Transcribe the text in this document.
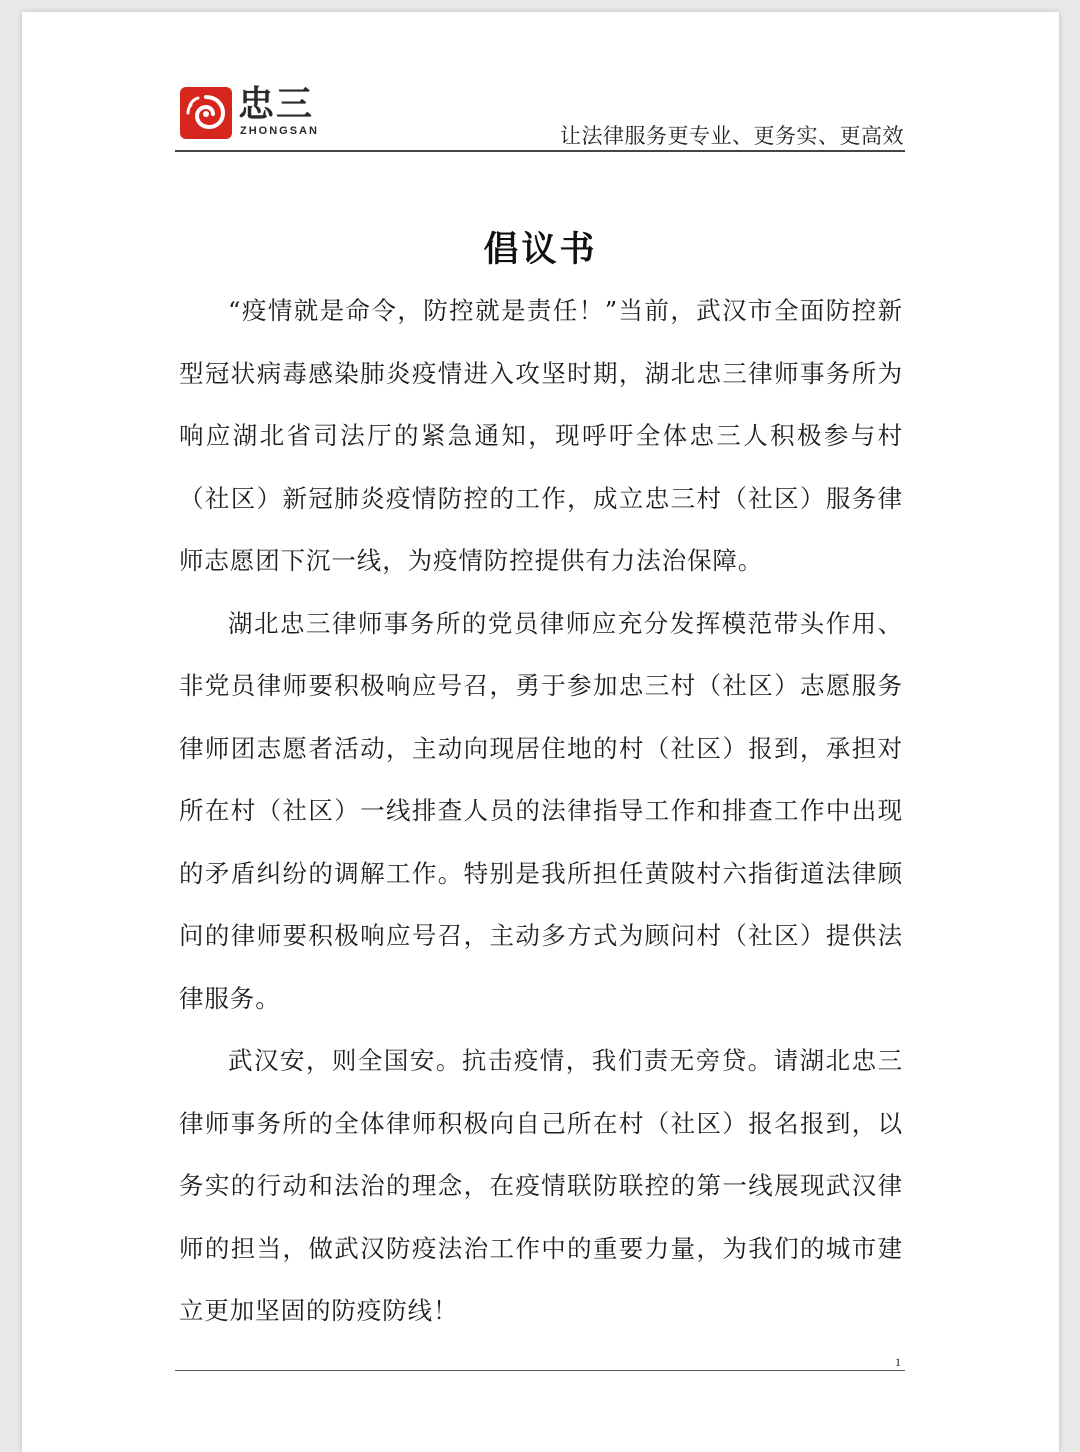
忠三
ZHONGSAN	让法律服务更专业、更务实、更高效
倡议书

“疫情就是命令，防控就是责任！”当前，武汉市全面防控新型冠状病毒感染肺炎疫情进入攻坚时期，湖北忠三律师事务所为响应湖北省司法厅的紧急通知，现呼吁全体忠三人积极参与村（社区）新冠肺炎疫情防控的工作，成立忠三村（社区）服务律师志愿团下沉一线，为疫情防控提供有力法治保障。

湖北忠三律师事务所的党员律师应充分发挥模范带头作用、非党员律师要积极响应号召，勇于参加忠三村（社区）志愿服务律师团志愿者活动，主动向现居住地的村（社区）报到，承担对所在村（社区）一线排查人员的法律指导工作和排查工作中出现的矛盾纠纷的调解工作。特别是我所担任黄陂村六指街道法律顾问的律师要积极响应号召，主动多方式为顾问村（社区）提供法律服务。

武汉安，则全国安。抗击疫情，我们责无旁贷。请湖北忠三律师事务所的全体律师积极向自己所在村（社区）报名报到，以务实的行动和法治的理念，在疫情联防联控的第一线展现武汉律师的担当，做武汉防疫法治工作中的重要力量，为我们的城市建立更加坚固的防疫防线！

1
